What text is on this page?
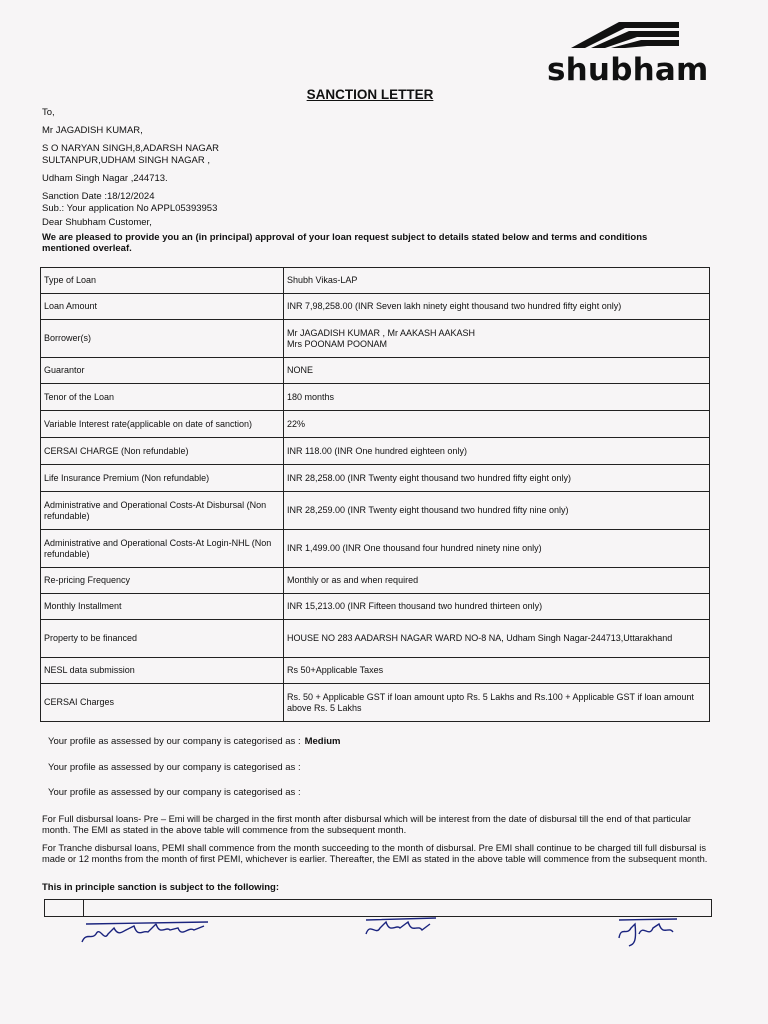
shubham
SANCTION LETTER
To,
Mr JAGADISH KUMAR,
S O NARYAN SINGH,8,ADARSH NAGAR
SULTANPUR,UDHAM SINGH NAGAR ,
Udham Singh Nagar ,244713.
Sanction Date :18/12/2024
Sub.: Your application No APPL05393953
Dear Shubham Customer,
We are pleased to provide you an (in principal) approval of your loan request subject to details stated below and terms and conditions mentioned overleaf.
Type of Loan	Shubh Vikas-LAP
Loan Amount	INR 7,98,258.00 (INR Seven lakh ninety eight thousand two hundred fifty eight only)
Borrower(s)	Mr JAGADISH KUMAR , Mr AAKASH AAKASH
Mrs POONAM POONAM
Guarantor	NONE
Tenor of the Loan	180 months
Variable Interest rate(applicable on date of sanction)	22%
CERSAI CHARGE (Non refundable)	INR 118.00 (INR One hundred eighteen only)
Life Insurance Premium (Non refundable)	INR 28,258.00 (INR Twenty eight thousand two hundred fifty eight only)
Administrative and Operational Costs-At Disbursal (Non refundable)	INR 28,259.00 (INR Twenty eight thousand two hundred fifty nine only)
Administrative and Operational Costs-At Login-NHL (Non refundable)	INR 1,499.00 (INR One thousand four hundred ninety nine only)
Re-pricing Frequency	Monthly or as and when required
Monthly Installment	INR 15,213.00 (INR Fifteen thousand two hundred thirteen only)
Property to be financed	HOUSE NO 283 AADARSH NAGAR WARD NO-8 NA, Udham Singh Nagar-244713,Uttarakhand
NESL data submission	Rs 50+Applicable Taxes
CERSAI Charges	Rs. 50 + Applicable GST if loan amount upto Rs. 5 Lakhs and Rs.100 + Applicable GST if loan amount above Rs. 5 Lakhs
Your profile as assessed by our company is categorised as : Medium
Your profile as assessed by our company is categorised as :
Your profile as assessed by our company is categorised as :
For Full disbursal loans- Pre – Emi will be charged in the first month after disbursal which will be interest from the date of disbursal till the end of that particular month. The EMI as stated in the above table will commence from the subsequent month.
For Tranche disbursal loans, PEMI shall commence from the month succeeding to the month of disbursal. Pre EMI shall continue to be charged till full disbursal is made or 12 months from the month of first PEMI, whichever is earlier. Thereafter, the EMI as stated in the above table will commence from the subsequent month.
This in principle sanction is subject to the following:
